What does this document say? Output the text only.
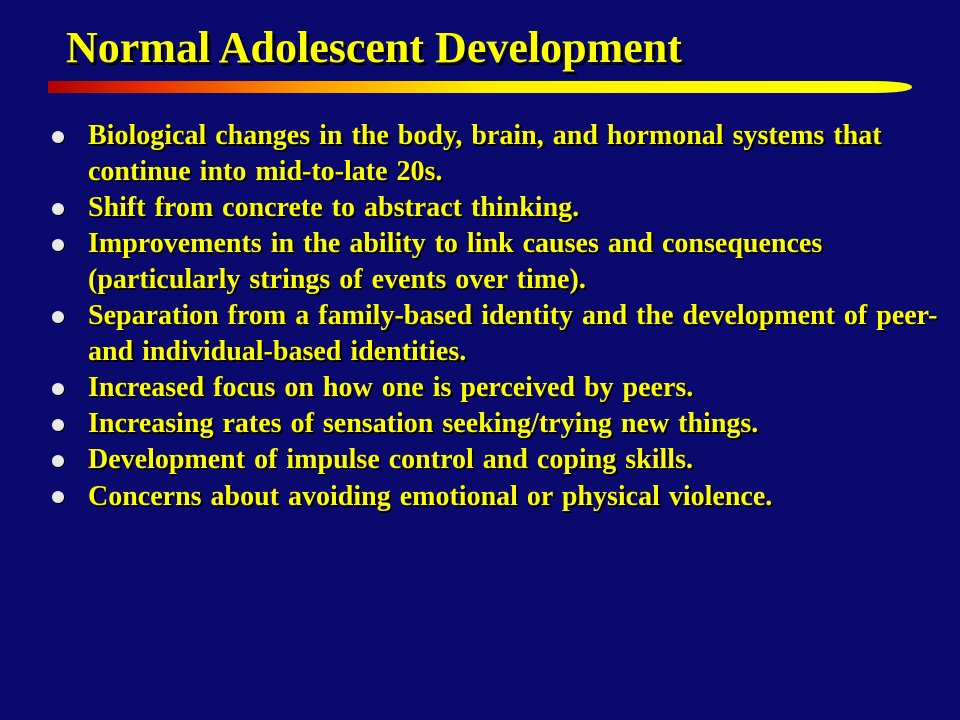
Normal Adolescent Development
Biological changes in the body, brain, and hormonal systems that continue into mid-to-late 20s.
Shift from concrete to abstract thinking.
Improvements in the ability to link causes and consequences (particularly strings of events over time).
Separation from a family-based identity and the development of peer- and individual-based identities.
Increased focus on how one is perceived by peers.
Increasing rates of sensation seeking/trying new things.
Development of impulse control and coping skills.
Concerns about avoiding emotional or physical violence.
